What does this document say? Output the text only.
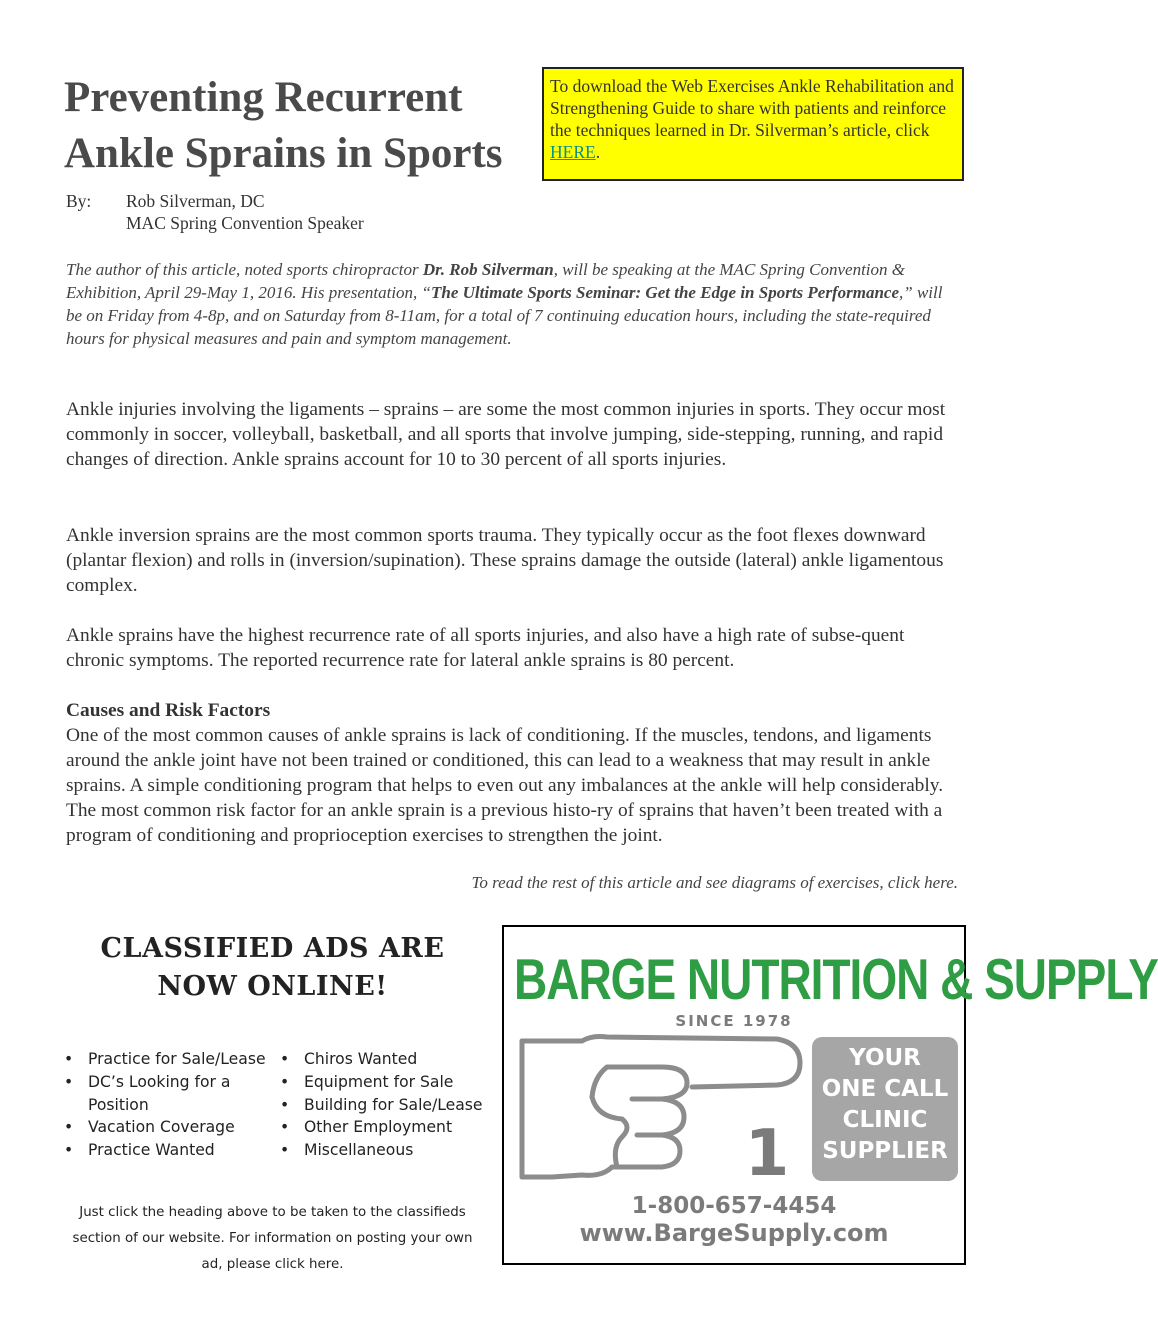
Preventing Recurrent
Ankle Sprains in Sports
To download the Web Exercises Ankle Rehabilitation and Strengthening Guide to share with patients and reinforce the techniques learned in Dr. Silverman’s article, click HERE.
By:	Rob Silverman, DC
MAC Spring Convention Speaker
The author of this article, noted sports chiropractor Dr. Rob Silverman, will be speaking at the MAC Spring Convention & Exhibition, April 29-May 1, 2016. His presentation, “The Ultimate Sports Seminar: Get the Edge in Sports Performance,” will be on Friday from 4-8p, and on Saturday from 8-11am, for a total of 7 continuing education hours, including the state-required hours for physical measures and pain and symptom management.

Ankle injuries involving the ligaments – sprains – are some the most common injuries in sports. They occur most commonly in soccer, volleyball, basketball, and all sports that involve jumping, side-stepping, running, and rapid changes of direction. Ankle sprains account for 10 to 30 percent of all sports injuries.

Ankle inversion sprains are the most common sports trauma. They typically occur as the foot flexes downward (plantar flexion) and rolls in (inversion/supination). These sprains damage the outside (lateral) ankle ligamentous complex.

Ankle sprains have the highest recurrence rate of all sports injuries, and also have a high rate of subse-quent chronic symptoms. The reported recurrence rate for lateral ankle sprains is 80 percent.

Causes and Risk Factors
One of the most common causes of ankle sprains is lack of conditioning. If the muscles, tendons, and ligaments around the ankle joint have not been trained or conditioned, this can lead to a weakness that may result in ankle sprains. A simple conditioning program that helps to even out any imbalances at the ankle will help considerably. The most common risk factor for an ankle sprain is a previous histo-ry of sprains that haven’t been treated with a program of conditioning and proprioception exercises to strengthen the joint.
To read the rest of this article and see diagrams of exercises, click here.
CLASSIFIED ADS ARE
NOW ONLINE!
• Practice for Sale/Lease
• DC’s Looking for a Position
• Vacation Coverage
• Practice Wanted
• Chiros Wanted
• Equipment for Sale
• Building for Sale/Lease
• Other Employment
• Miscellaneous
Just click the heading above to be taken to the classifieds section of our website. For information on posting your own ad, please click here.
BARGE NUTRITION & SUPPLY
SINCE 1978
1
YOUR
ONE CALL
CLINIC
SUPPLIER
1-800-657-4454
www.BargeSupply.com
